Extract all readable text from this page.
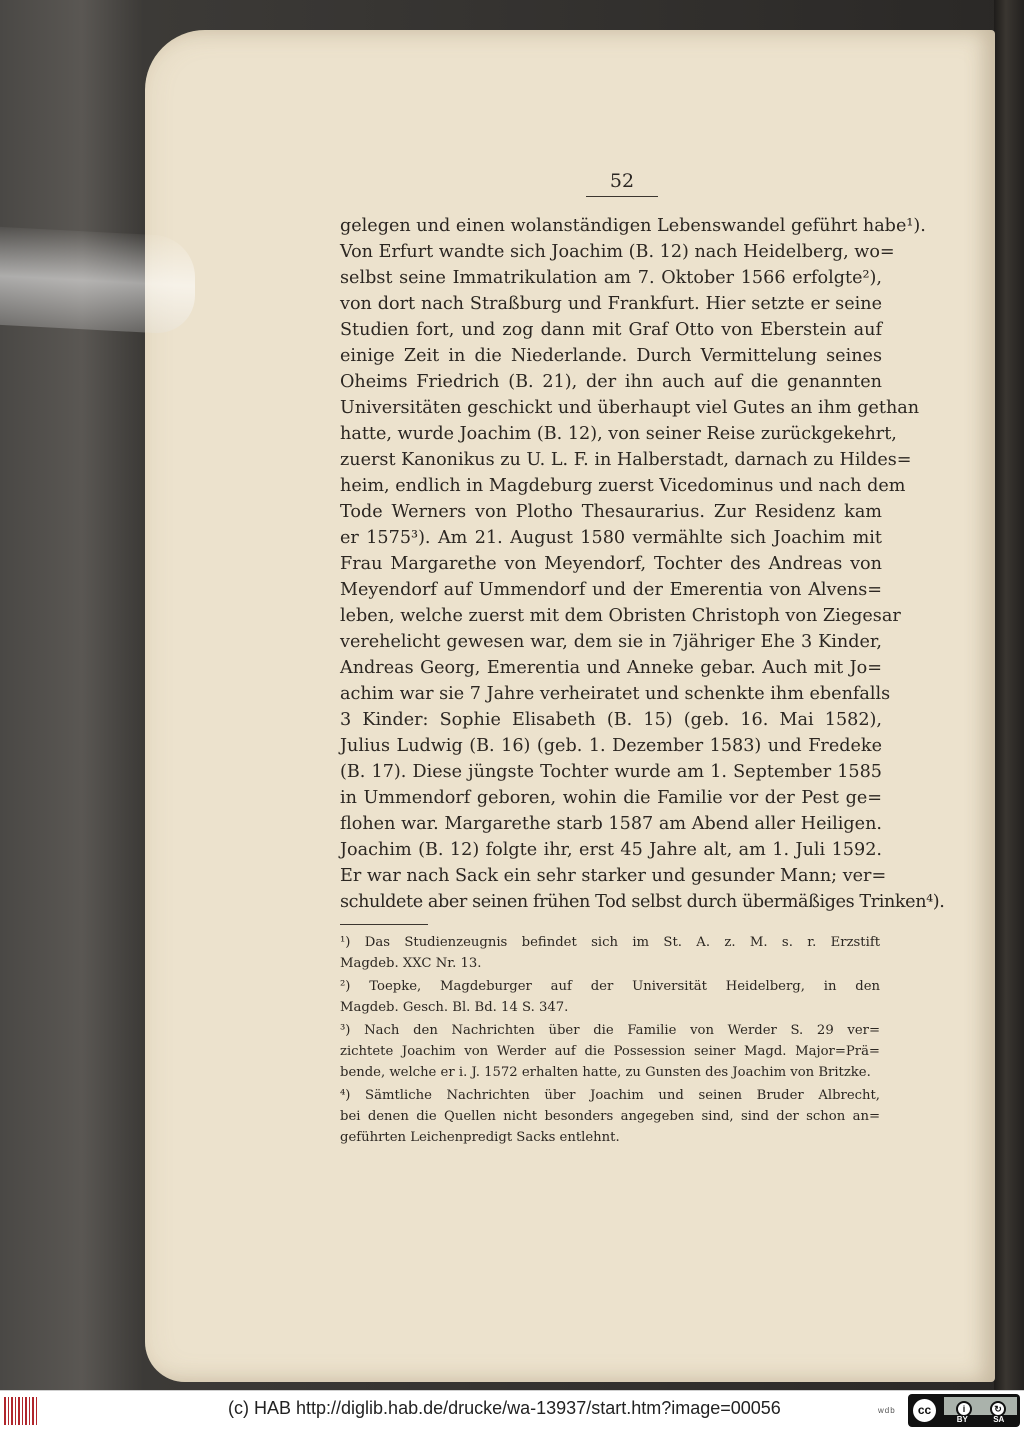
52
gelegen und einen wolanständigen Lebenswandel geführt habe¹).
Von Erfurt wandte sich Joachim (B. 12) nach Heidelberg, wo=
selbst seine Immatrikulation am 7. Oktober 1566 erfolgte²),
von dort nach Straßburg und Frankfurt. Hier setzte er seine
Studien fort, und zog dann mit Graf Otto von Eberstein auf
einige Zeit in die Niederlande. Durch Vermittelung seines
Oheims Friedrich (B. 21), der ihn auch auf die genannten
Universitäten geschickt und überhaupt viel Gutes an ihm gethan
hatte, wurde Joachim (B. 12), von seiner Reise zurückgekehrt,
zuerst Kanonikus zu U. L. F. in Halberstadt, darnach zu Hildes=
heim, endlich in Magdeburg zuerst Vicedominus und nach dem
Tode Werners von Plotho Thesaurarius. Zur Residenz kam
er 1575³). Am 21. August 1580 vermählte sich Joachim mit
Frau Margarethe von Meyendorf, Tochter des Andreas von
Meyendorf auf Ummendorf und der Emerentia von Alvens=
leben, welche zuerst mit dem Obristen Christoph von Ziegesar
verehelicht gewesen war, dem sie in 7jähriger Ehe 3 Kinder,
Andreas Georg, Emerentia und Anneke gebar. Auch mit Jo=
achim war sie 7 Jahre verheiratet und schenkte ihm ebenfalls
3 Kinder: Sophie Elisabeth (B. 15) (geb. 16. Mai 1582),
Julius Ludwig (B. 16) (geb. 1. Dezember 1583) und Fredeke
(B. 17). Diese jüngste Tochter wurde am 1. September 1585
in Ummendorf geboren, wohin die Familie vor der Pest ge=
flohen war. Margarethe starb 1587 am Abend aller Heiligen.
Joachim (B. 12) folgte ihr, erst 45 Jahre alt, am 1. Juli 1592.
Er war nach Sack ein sehr starker und gesunder Mann; ver=
schuldete aber seinen frühen Tod selbst durch übermäßiges Trinken⁴).
¹) Das Studienzeugnis befindet sich im St. A. z. M. s. r. Erzstift
Magdeb. XXC Nr. 13.
²) Toepke, Magdeburger auf der Universität Heidelberg, in den
Magdeb. Gesch. Bl. Bd. 14 S. 347.
³) Nach den Nachrichten über die Familie von Werder S. 29 ver=
zichtete Joachim von Werder auf die Possession seiner Magd. Major=Prä=
bende, welche er i. J. 1572 erhalten hatte, zu Gunsten des Joachim von Britzke.
⁴) Sämtliche Nachrichten über Joachim und seinen Bruder Albrecht,
bei denen die Quellen nicht besonders angegeben sind, sind der schon an=
geführten Leichenpredigt Sacks entlehnt.
(c) HAB http://diglib.hab.de/drucke/wa-13937/start.htm?image=00056	wdb	cc	i	↻
BY	SA
